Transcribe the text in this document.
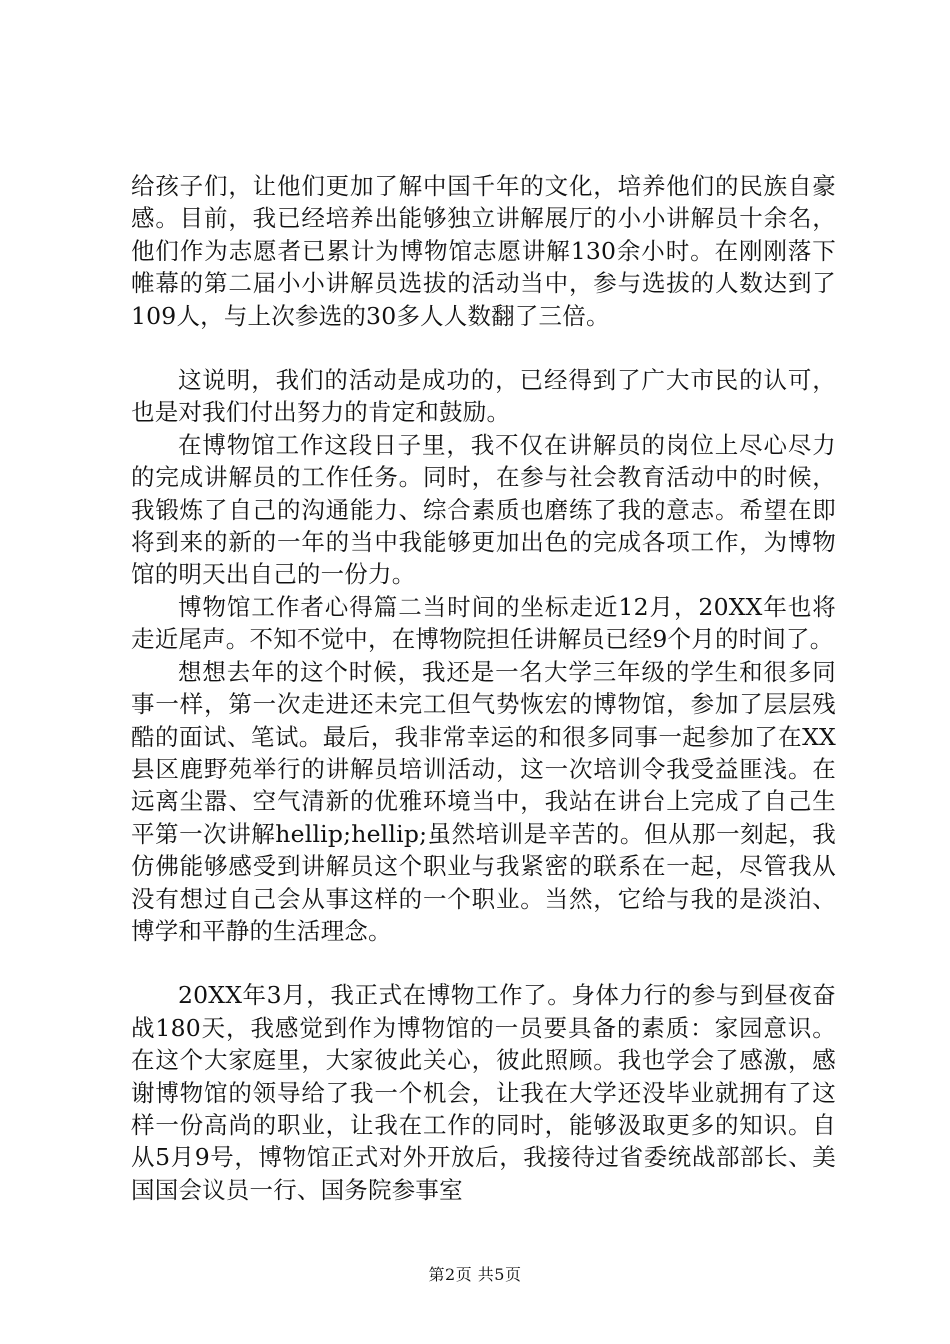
给孩子们，让他们更加了解中国千年的文化，培养他们的民族自豪感。目前，我已经培养出能够独立讲解展厅的小小讲解员十余名，他们作为志愿者已累计为博物馆志愿讲解130余小时。在刚刚落下帷幕的第二届小小讲解员选拔的活动当中，参与选拔的人数达到了109人，与上次参选的30多人人数翻了三倍。

这说明，我们的活动是成功的，已经得到了广大市民的认可，也是对我们付出努力的肯定和鼓励。

在博物馆工作这段日子里，我不仅在讲解员的岗位上尽心尽力的完成讲解员的工作任务。同时，在参与社会教育活动中的时候，我锻炼了自己的沟通能力、综合素质也磨练了我的意志。希望在即将到来的新的一年的当中我能够更加出色的完成各项工作，为博物馆的明天出自己的一份力。

博物馆工作者心得篇二当时间的坐标走近12月，20XX年也将走近尾声。不知不觉中，在博物院担任讲解员已经9个月的时间了。

想想去年的这个时候，我还是一名大学三年级的学生和很多同事一样，第一次走进还未完工但气势恢宏的博物馆，参加了层层残酷的面试、笔试。最后，我非常幸运的和很多同事一起参加了在XX县区鹿野苑举行的讲解员培训活动，这一次培训令我受益匪浅。在远离尘嚣、空气清新的优雅环境当中，我站在讲台上完成了自己生平第一次讲解hellip;hellip;虽然培训是辛苦的。但从那一刻起，我仿佛能够感受到讲解员这个职业与我紧密的联系在一起，尽管我从没有想过自己会从事这样的一个职业。当然，它给与我的是淡泊、博学和平静的生活理念。

20XX年3月，我正式在博物工作了。身体力行的参与到昼夜奋战180天，我感觉到作为博物馆的一员要具备的素质：家园意识。在这个大家庭里，大家彼此关心，彼此照顾。我也学会了感激，感谢博物馆的领导给了我一个机会，让我在大学还没毕业就拥有了这样一份高尚的职业，让我在工作的同时，能够汲取更多的知识。自从5月9号，博物馆正式对外开放后，我接待过省委统战部部长、美国国会议员一行、国务院参事室

第2页 共5页
